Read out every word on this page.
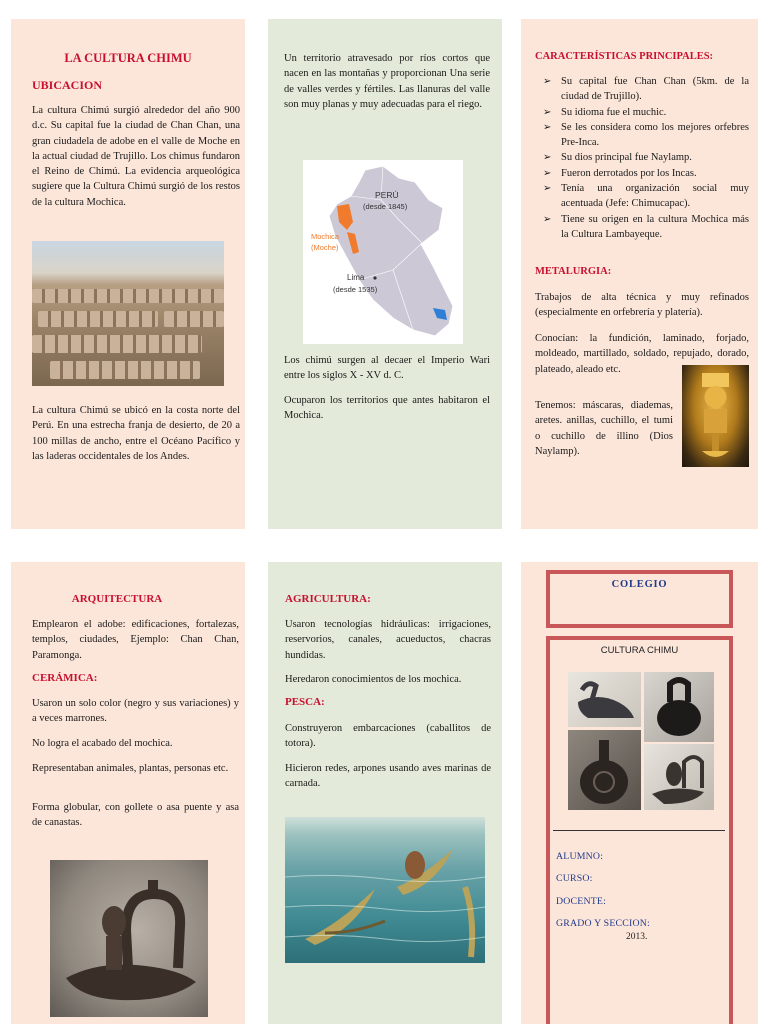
LA CULTURA CHIMU
UBICACION
La cultura Chimú surgió alrededor del año 900 d.c. Su capital fue la ciudad de Chan Chan, una gran ciudadela de adobe en el valle de Moche en la actual ciudad de Trujillo. Los chimus fundaron el Reino de Chimú. La evidencia arqueológica sugiere que la Cultura Chimú surgió de los restos de la cultura Mochica.
La cultura Chimú se ubicó en la costa norte del Perú. En una estrecha franja de desierto, de 20 a 100 millas de ancho, entre el Océano Pacífico y las laderas occidentales de los Andes.
Un territorio atravesado por ríos cortos que nacen en las montañas y proporcionan Una serie de valles verdes y fértiles. Las llanuras del valle son muy planas y muy adecuadas para el riego.
PERÚ
(desde 1845)
Mochica
(Moche)
Lima
(desde 1535)
Los chimú surgen al decaer el Imperio Wari entre los siglos X - XV d. C.
Ocuparon los territorios que antes habitaron el Mochica.
CARACTERÍSTICAS PRINCIPALES:
➢ Su capital fue Chan Chan (5km. de la ciudad de Trujillo).
➢ Su idioma fue el muchic.
➢ Se les considera como los mejores orfebres Pre-Inca.
➢ Su dios principal fue Naylamp.
➢ Fueron derrotados por los Incas.
➢ Tenía una organización social muy acentuada (Jefe: Chimucapac).
➢ Tiene su origen en la cultura Mochica más la Cultura Lambayeque.
METALURGIA:
Trabajos de alta técnica y muy refinados (especialmente en orfebrería y platería).
Conocían: la fundición, laminado, forjado, moldeado, martillado, soldado, repujado, dorado, plateado, aleado etc.
Tenemos: máscaras, diademas, aretes. anillas, cuchillo, el tumi o cuchillo de illino (Dios Naylamp).
ARQUITECTURA
Emplearon el adobe: edificaciones, fortalezas, templos, ciudades, Ejemplo: Chan Chan, Paramonga.
CERÁMICA:
Usaron un solo color (negro y sus variaciones) y a veces marrones.
No logra el acabado del mochica.
Representaban animales, plantas, personas etc.
Forma globular, con gollete o asa puente y asa de canastas.
AGRICULTURA:
Usaron tecnologías hidráulicas: irrigaciones, reservorios, canales, acueductos, chacras hundidas.
Heredaron conocimientos de los mochica.
PESCA:
Construyeron embarcaciones (caballitos de totora).
Hicieron redes, arpones usando aves marinas de carnada.
COLEGIO
CULTURA CHIMU
ALUMNO:
CURSO:
DOCENTE:
GRADO Y SECCION:
2013.
